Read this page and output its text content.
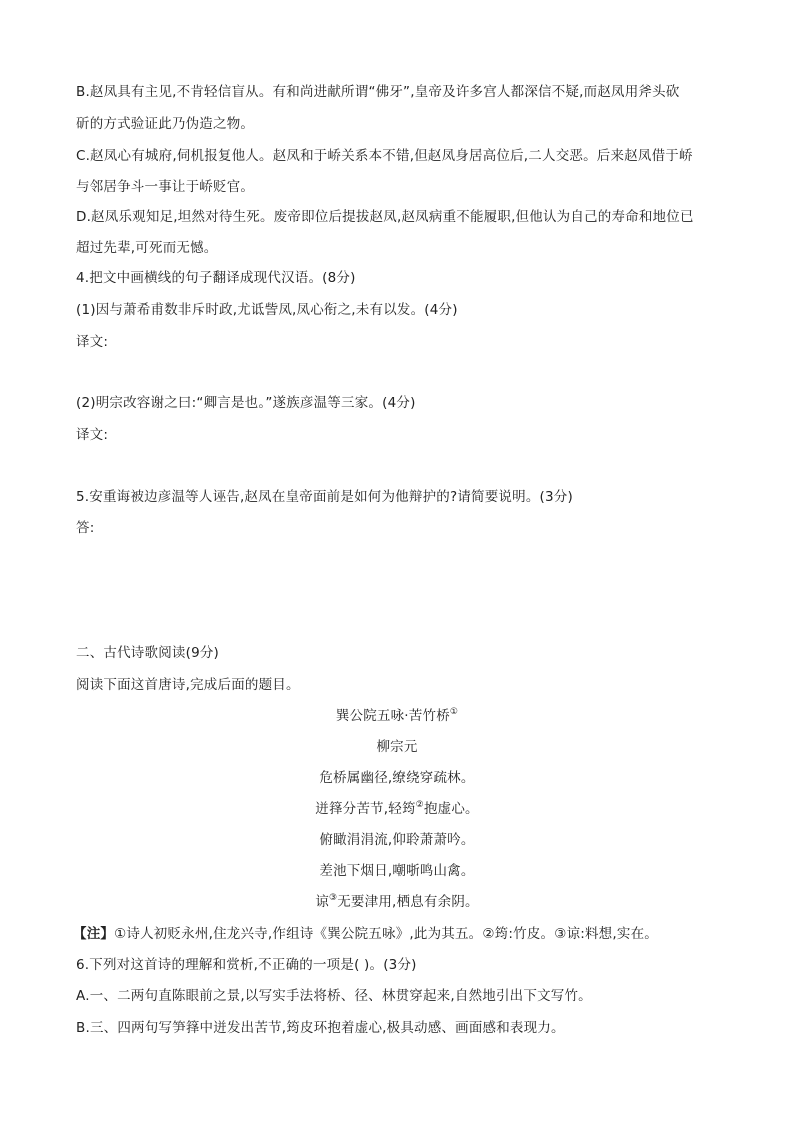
B.赵凤具有主见,不肯轻信盲从。有和尚进献所谓“佛牙”,皇帝及许多宫人都深信不疑,而赵凤用斧头砍
斫的方式验证此乃伪造之物。
C.赵凤心有城府,伺机报复他人。赵凤和于峤关系本不错,但赵凤身居高位后,二人交恶。后来赵凤借于峤
与邻居争斗一事让于峤贬官。
D.赵凤乐观知足,坦然对待生死。废帝即位后提拔赵凤,赵凤病重不能履职,但他认为自己的寿命和地位已
超过先辈,可死而无憾。
4.把文中画横线的句子翻译成现代汉语。(8分)
(1)因与萧希甫数非斥时政,尤诋訾凤,凤心衔之,未有以发。(4分)
译文:
(2)明宗改容谢之曰:“卿言是也。”遂族彦温等三家。(4分)
译文:
5.安重诲被边彦温等人诬告,赵凤在皇帝面前是如何为他辩护的?请简要说明。(3分)
答:
二、古代诗歌阅读(9分)
阅读下面这首唐诗,完成后面的题目。
巽公院五咏·苦竹桥①
柳宗元
危桥属幽径,缭绕穿疏林。
迸箨分苦节,轻筠②抱虚心。
俯瞰涓涓流,仰聆萧萧吟。
差池下烟日,嘲哳鸣山禽。
谅③无要津用,栖息有余阴。
【注】①诗人初贬永州,住龙兴寺,作组诗《巽公院五咏》,此为其五。②筠:竹皮。③谅:料想,实在。
6.下列对这首诗的理解和赏析,不正确的一项是( )。(3分)
A.一、二两句直陈眼前之景,以写实手法将桥、径、林贯穿起来,自然地引出下文写竹。
B.三、四两句写笋箨中迸发出苦节,筠皮环抱着虚心,极具动感、画面感和表现力。
